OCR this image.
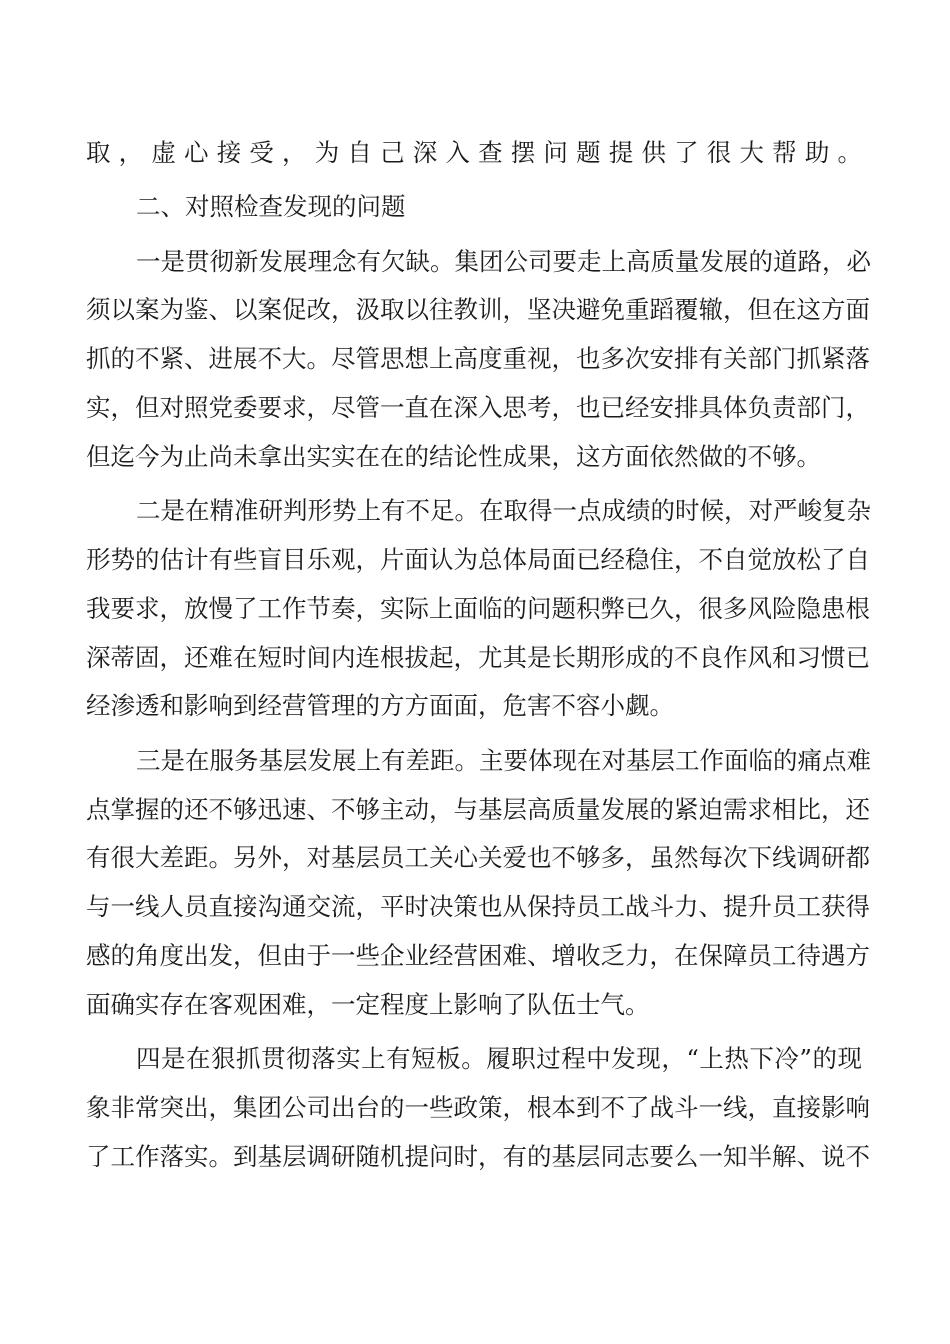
取，虚心接受，为自己深入查摆问题提供了很大帮助。

二、对照检查发现的问题

一是贯彻新发展理念有欠缺。集团公司要走上高质量发展的道路，必

须以案为鉴、以案促改，汲取以往教训，坚决避免重蹈覆辙，但在这方面

抓的不紧、进展不大。尽管思想上高度重视，也多次安排有关部门抓紧落

实，但对照党委要求，尽管一直在深入思考，也已经安排具体负责部门，

但迄今为止尚未拿出实实在在的结论性成果，这方面依然做的不够。

二是在精准研判形势上有不足。在取得一点成绩的时候，对严峻复杂

形势的估计有些盲目乐观，片面认为总体局面已经稳住，不自觉放松了自

我要求，放慢了工作节奏，实际上面临的问题积弊已久，很多风险隐患根

深蒂固，还难在短时间内连根拔起，尤其是长期形成的不良作风和习惯已

经渗透和影响到经营管理的方方面面，危害不容小觑。

三是在服务基层发展上有差距。主要体现在对基层工作面临的痛点难

点掌握的还不够迅速、不够主动，与基层高质量发展的紧迫需求相比，还

有很大差距。另外，对基层员工关心关爱也不够多，虽然每次下线调研都

与一线人员直接沟通交流，平时决策也从保持员工战斗力、提升员工获得

感的角度出发，但由于一些企业经营困难、增收乏力，在保障员工待遇方

面确实存在客观困难，一定程度上影响了队伍士气。

四是在狠抓贯彻落实上有短板。履职过程中发现，“上热下冷”的现

象非常突出，集团公司出台的一些政策，根本到不了战斗一线，直接影响

了工作落实。到基层调研随机提问时，有的基层同志要么一知半解、说不
